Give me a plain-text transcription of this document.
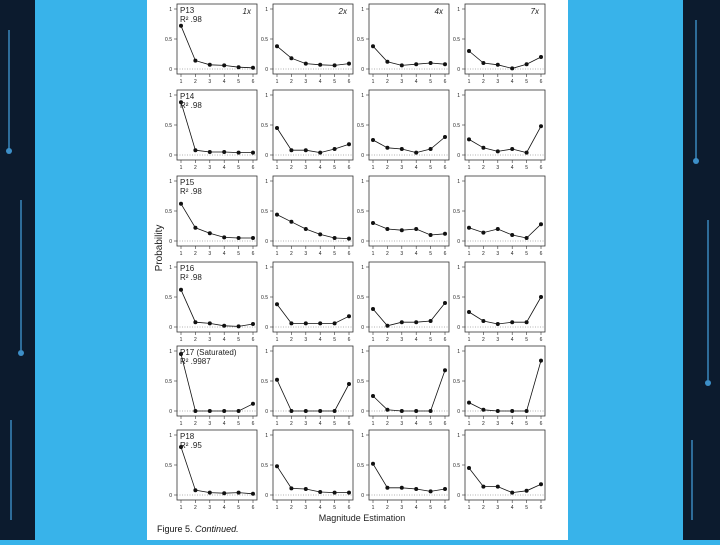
0
0.5
1
1 2 3 4 5 6
P13
R² .98
1x
0
0.5
1
1 2 3 4 5 6
2x
0
0.5
1
1 2 3 4 5 6
4x
0
0.5
1
1 2 3 4 5 6
7x
0
0.5
1
1 2 3 4 5 6
P14
R² .98
0
0.5
1
1 2 3 4 5 6
0
0.5
1
1 2 3 4 5 6
0
0.5
1
1 2 3 4 5 6
0
0.5
1
1 2 3 4 5 6
P15
R² .98
0
0.5
1
1 2 3 4 5 6
0
0.5
1
1 2 3 4 5 6
0
0.5
1
1 2 3 4 5 6
0
0.5
1
1 2 3 4 5 6
P16
R² .98
0
0.5
1
1 2 3 4 5 6
0
0.5
1
1 2 3 4 5 6
0
0.5
1
1 2 3 4 5 6
0
0.5
1
1 2 3 4 5 6
P17 (Saturated)
R² .9987
0
0.5
1
1 2 3 4 5 6
0
0.5
1
1 2 3 4 5 6
0
0.5
1
1 2 3 4 5 6
0
0.5
1
1 2 3 4 5 6
P18
R² .95
0
0.5
1
1 2 3 4 5 6
0
0.5
1
1 2 3 4 5 6
0
0.5
1
1 2 3 4 5 6
Probability
Magnitude Estimation
Figure 5. Continued.
